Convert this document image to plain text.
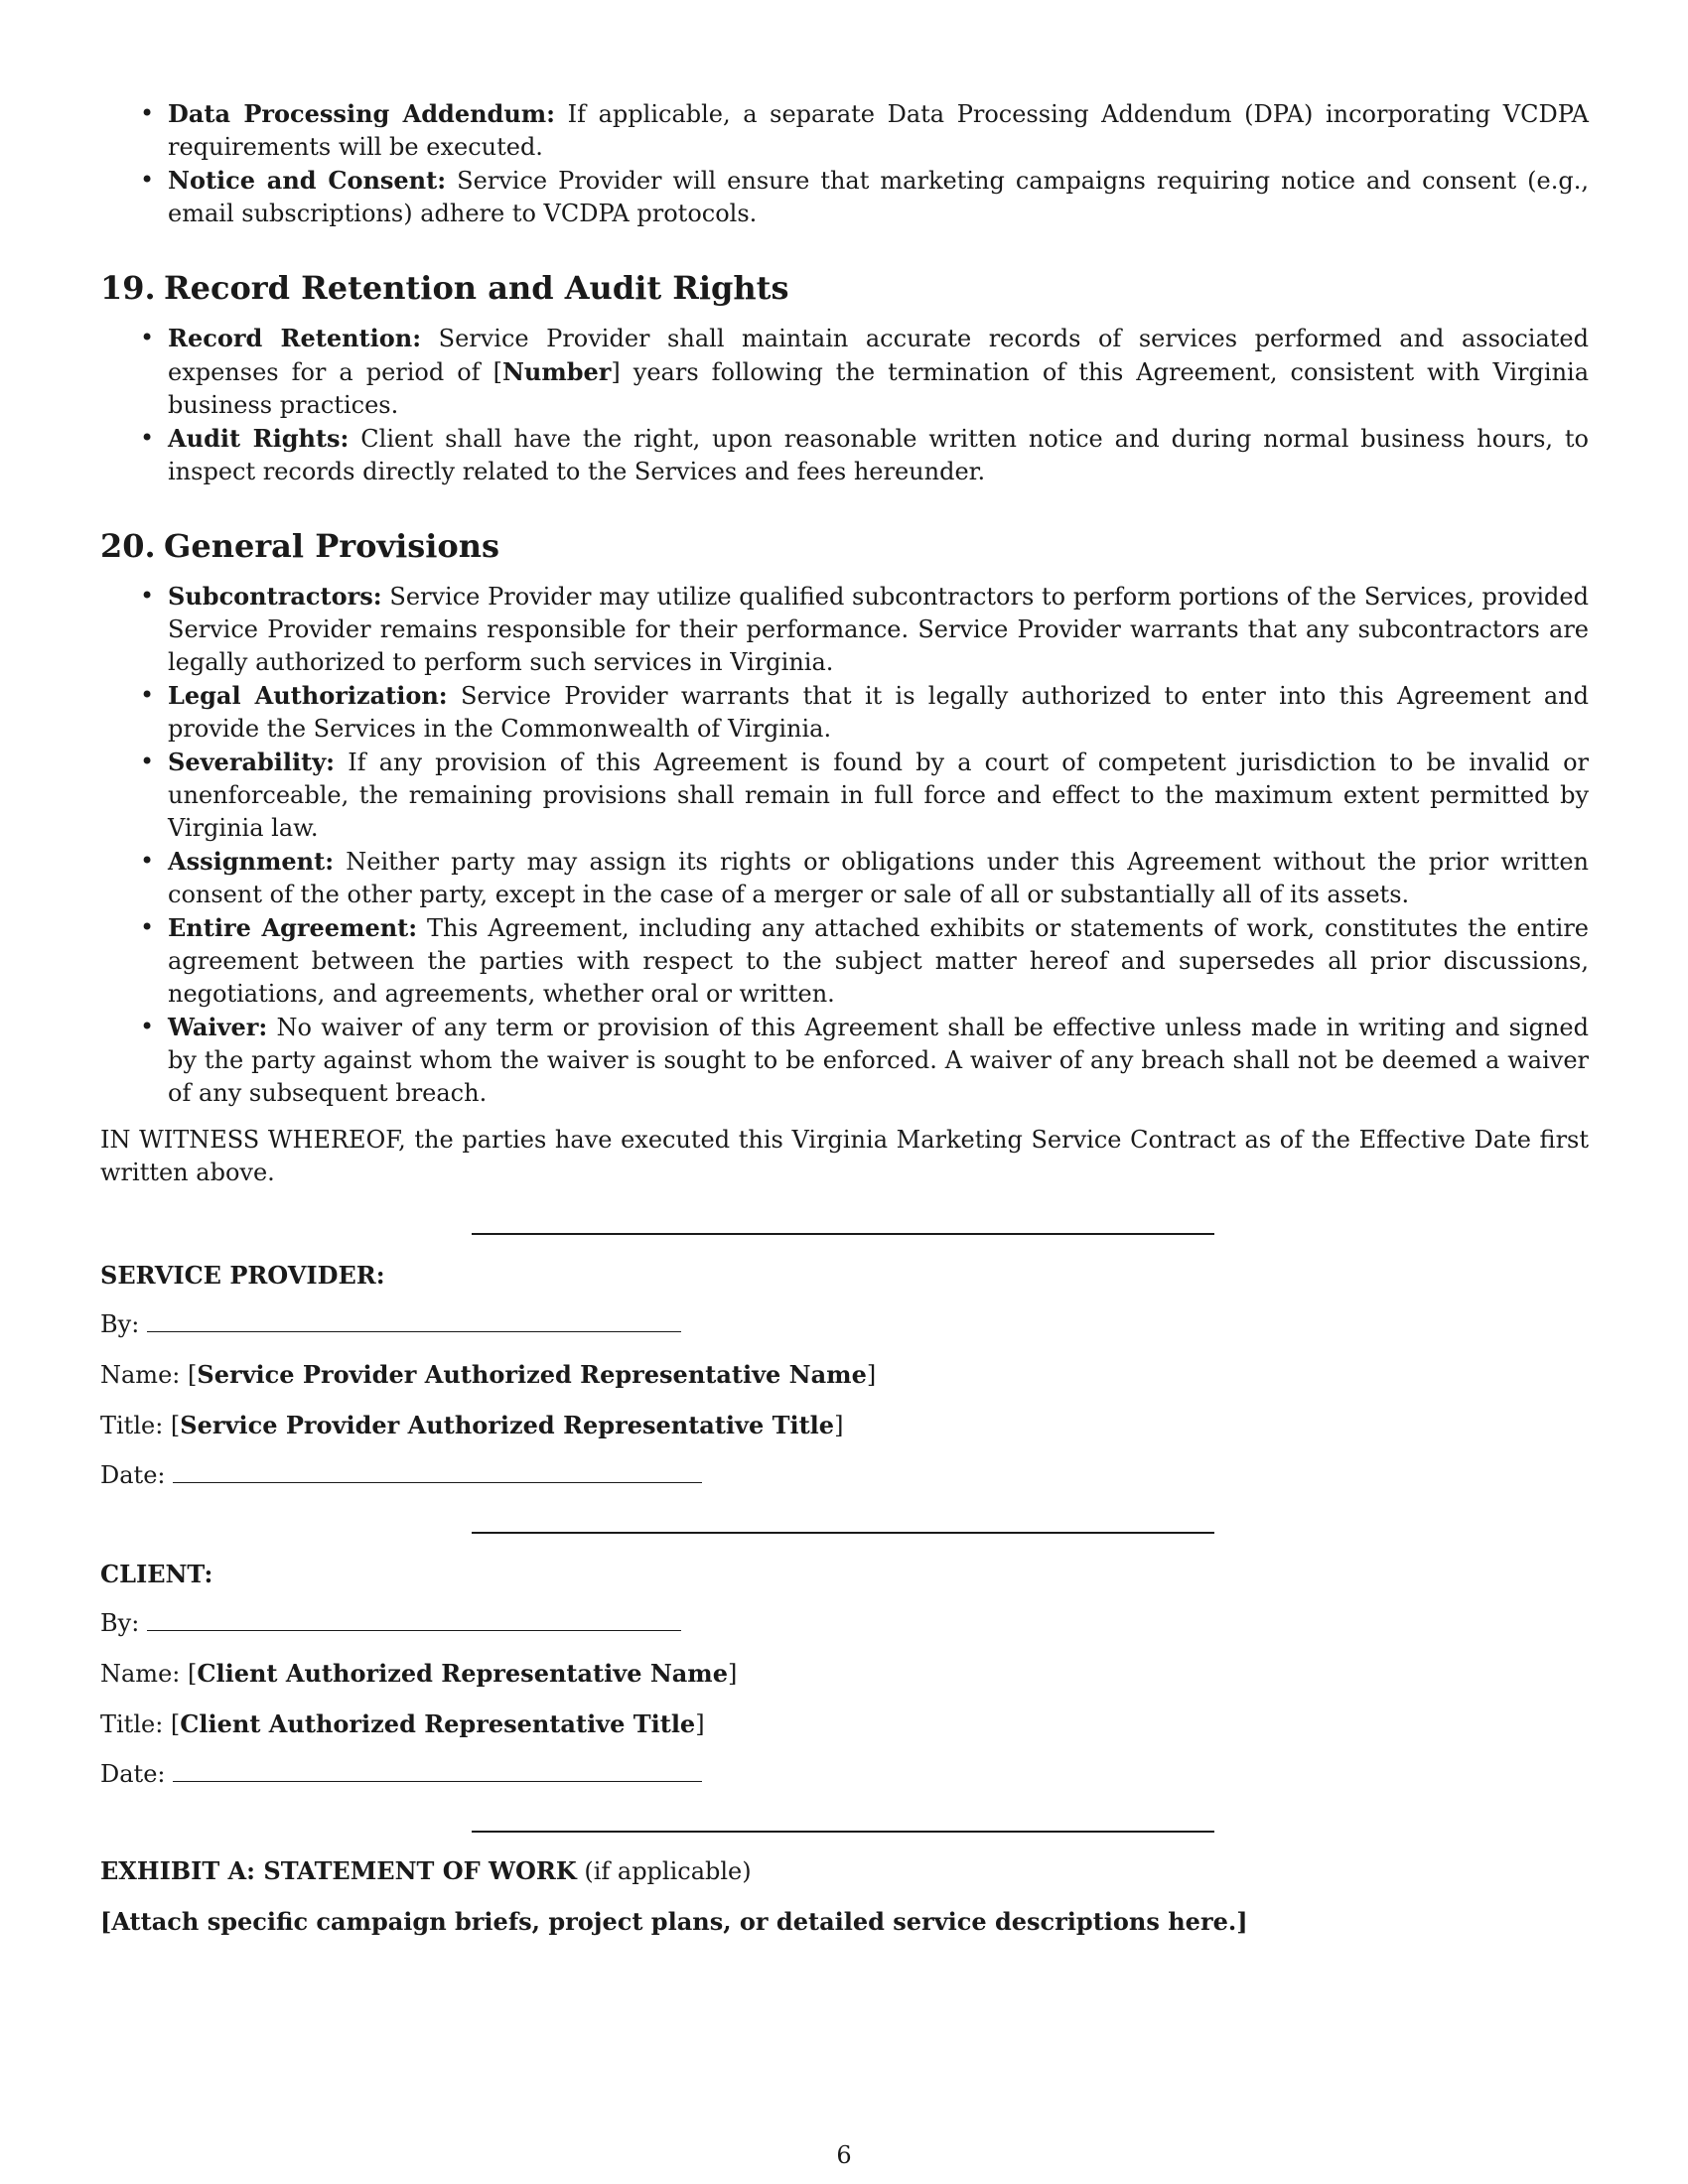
• Data Processing Addendum: If applicable, a separate Data Processing Addendum (DPA) incorporating VCDPA requirements will be executed.
• Notice and Consent: Service Provider will ensure that marketing campaigns requiring notice and consent (e.g., email subscriptions) adhere to VCDPA protocols.
19. Record Retention and Audit Rights
• Record Retention: Service Provider shall maintain accurate records of services performed and associated expenses for a period of [Number] years following the termination of this Agreement, consistent with Virginia business practices.
• Audit Rights: Client shall have the right, upon reasonable written notice and during normal business hours, to inspect records directly related to the Services and fees hereunder.
20. General Provisions
• Subcontractors: Service Provider may utilize qualified subcontractors to perform portions of the Services, provided Service Provider remains responsible for their performance. Service Provider warrants that any subcontractors are legally authorized to perform such services in Virginia.
• Legal Authorization: Service Provider warrants that it is legally authorized to enter into this Agreement and provide the Services in the Commonwealth of Virginia.
• Severability: If any provision of this Agreement is found by a court of competent jurisdiction to be invalid or unenforceable, the remaining provisions shall remain in full force and effect to the maximum extent permitted by Virginia law.
• Assignment: Neither party may assign its rights or obligations under this Agreement without the prior written consent of the other party, except in the case of a merger or sale of all or substantially all of its assets.
• Entire Agreement: This Agreement, including any attached exhibits or statements of work, constitutes the entire agreement between the parties with respect to the subject matter hereof and supersedes all prior discussions, negotiations, and agreements, whether oral or written.
• Waiver: No waiver of any term or provision of this Agreement shall be effective unless made in writing and signed by the party against whom the waiver is sought to be enforced. A waiver of any breach shall not be deemed a waiver of any subsequent breach.

IN WITNESS WHEREOF, the parties have executed this Virginia Marketing Service Contract as of the Effective Date first written above.

SERVICE PROVIDER:
By:
Name: [Service Provider Authorized Representative Name]
Title: [Service Provider Authorized Representative Title]
Date:
CLIENT:
By:
Name: [Client Authorized Representative Name]
Title: [Client Authorized Representative Title]
Date:
EXHIBIT A: STATEMENT OF WORK (if applicable)
[Attach specific campaign briefs, project plans, or detailed service descriptions here.]
6
